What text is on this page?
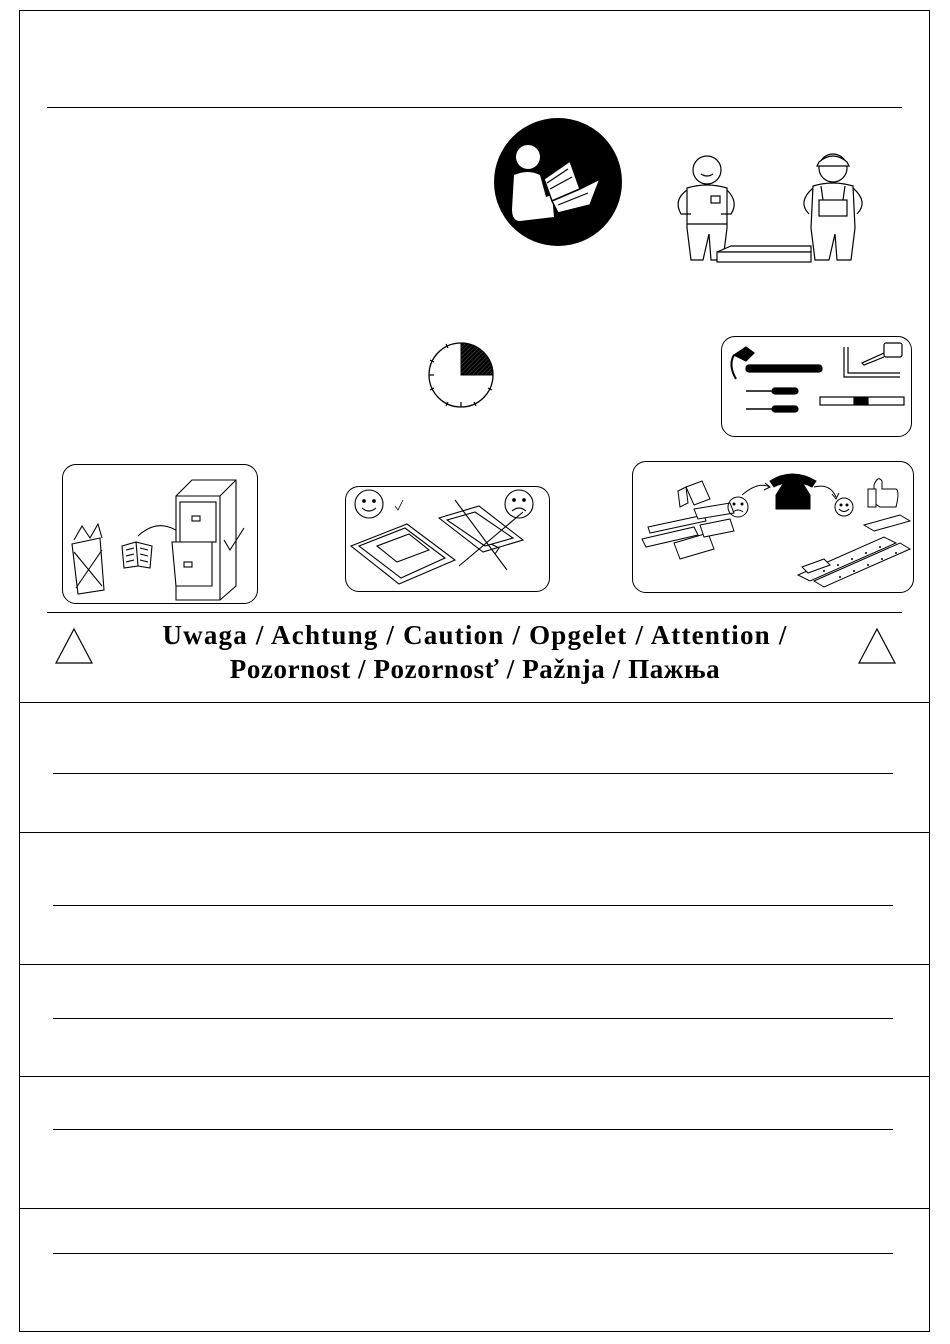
Uwaga / Achtung / Caution / Opgelet / Attention /
Pozornost / Pozornosť / Pažnja / Пажња
